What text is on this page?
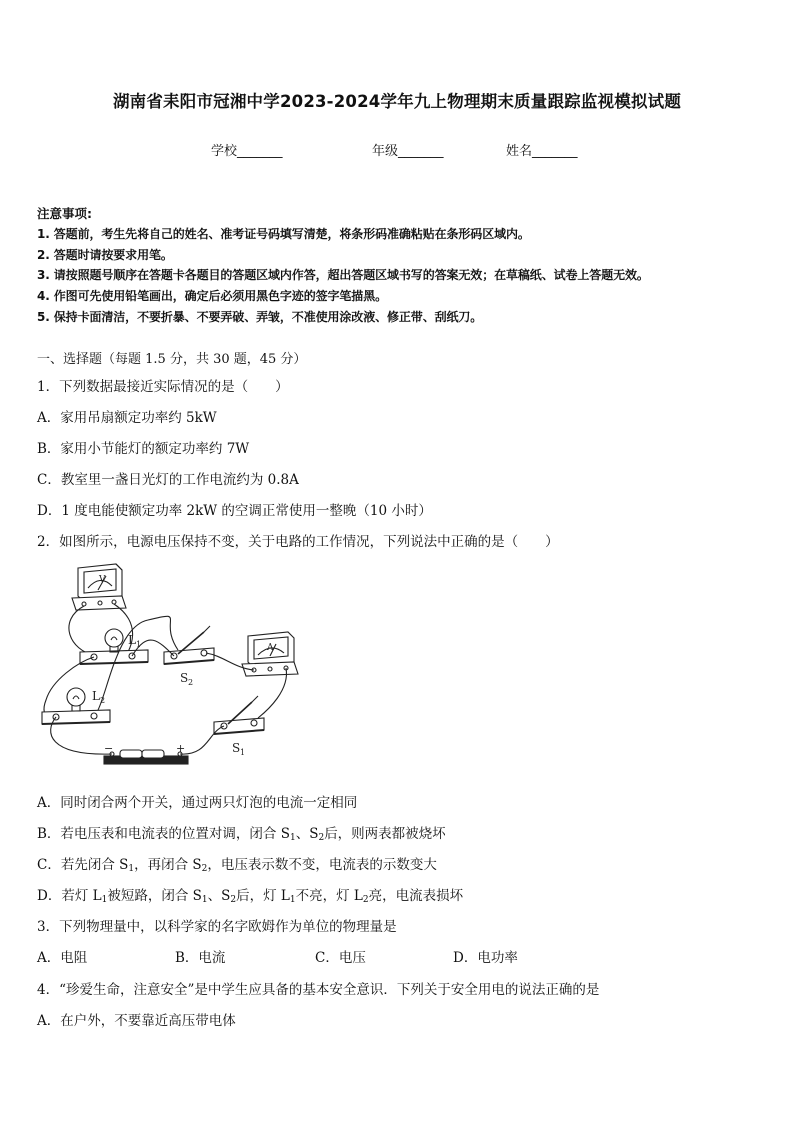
湖南省耒阳市冠湘中学2023-2024学年九上物理期末质量跟踪监视模拟试题
学校_______	年级_______	姓名_______
注意事项:
1. 答题前，考生先将自己的姓名、准考证号码填写清楚，将条形码准确粘贴在条形码区域内。
2. 答题时请按要求用笔。
3. 请按照题号顺序在答题卡各题目的答题区域内作答，超出答题区域书写的答案无效；在草稿纸、试卷上答题无效。
4. 作图可先使用铅笔画出，确定后必须用黑色字迹的签字笔描黑。
5. 保持卡面清洁，不要折暴、不要弄破、弄皱，不准使用涂改液、修正带、刮纸刀。
一、选择题（每题 1.5 分，共 30 题，45 分）
1．下列数据最接近实际情况的是（　　）
A．家用吊扇额定功率约 5kW
B．家用小节能灯的额定功率约 7W
C．教室里一盏日光灯的工作电流约为 0.8A
D．1 度电能使额定功率 2kW 的空调正常使用一整晚（10 小时）
2．如图所示，电源电压保持不变，关于电路的工作情况，下列说法中正确的是（　　）
V
L 1
S 2
A
L 2
S 1
−	+
A．同时闭合两个开关，通过两只灯泡的电流一定相同
B．若电压表和电流表的位置对调，闭合 $S_1$、$S_2$后，则两表都被烧坏
C．若先闭合 $S_1$，再闭合 $S_2$，电压表示数不变，电流表的示数变大
D．若灯 $L_1$被短路，闭合 $S_1$、$S_2$后，灯 $L_1$不亮，灯 $L_2$亮，电流表损坏
3．下列物理量中，以科学家的名字欧姆作为单位的物理量是
A．电阻	B．电流	C．电压	D．电功率
4．“珍爱生命，注意安全”是中学生应具备的基本安全意识．下列关于安全用电的说法正确的是
A．在户外，不要靠近高压带电体
